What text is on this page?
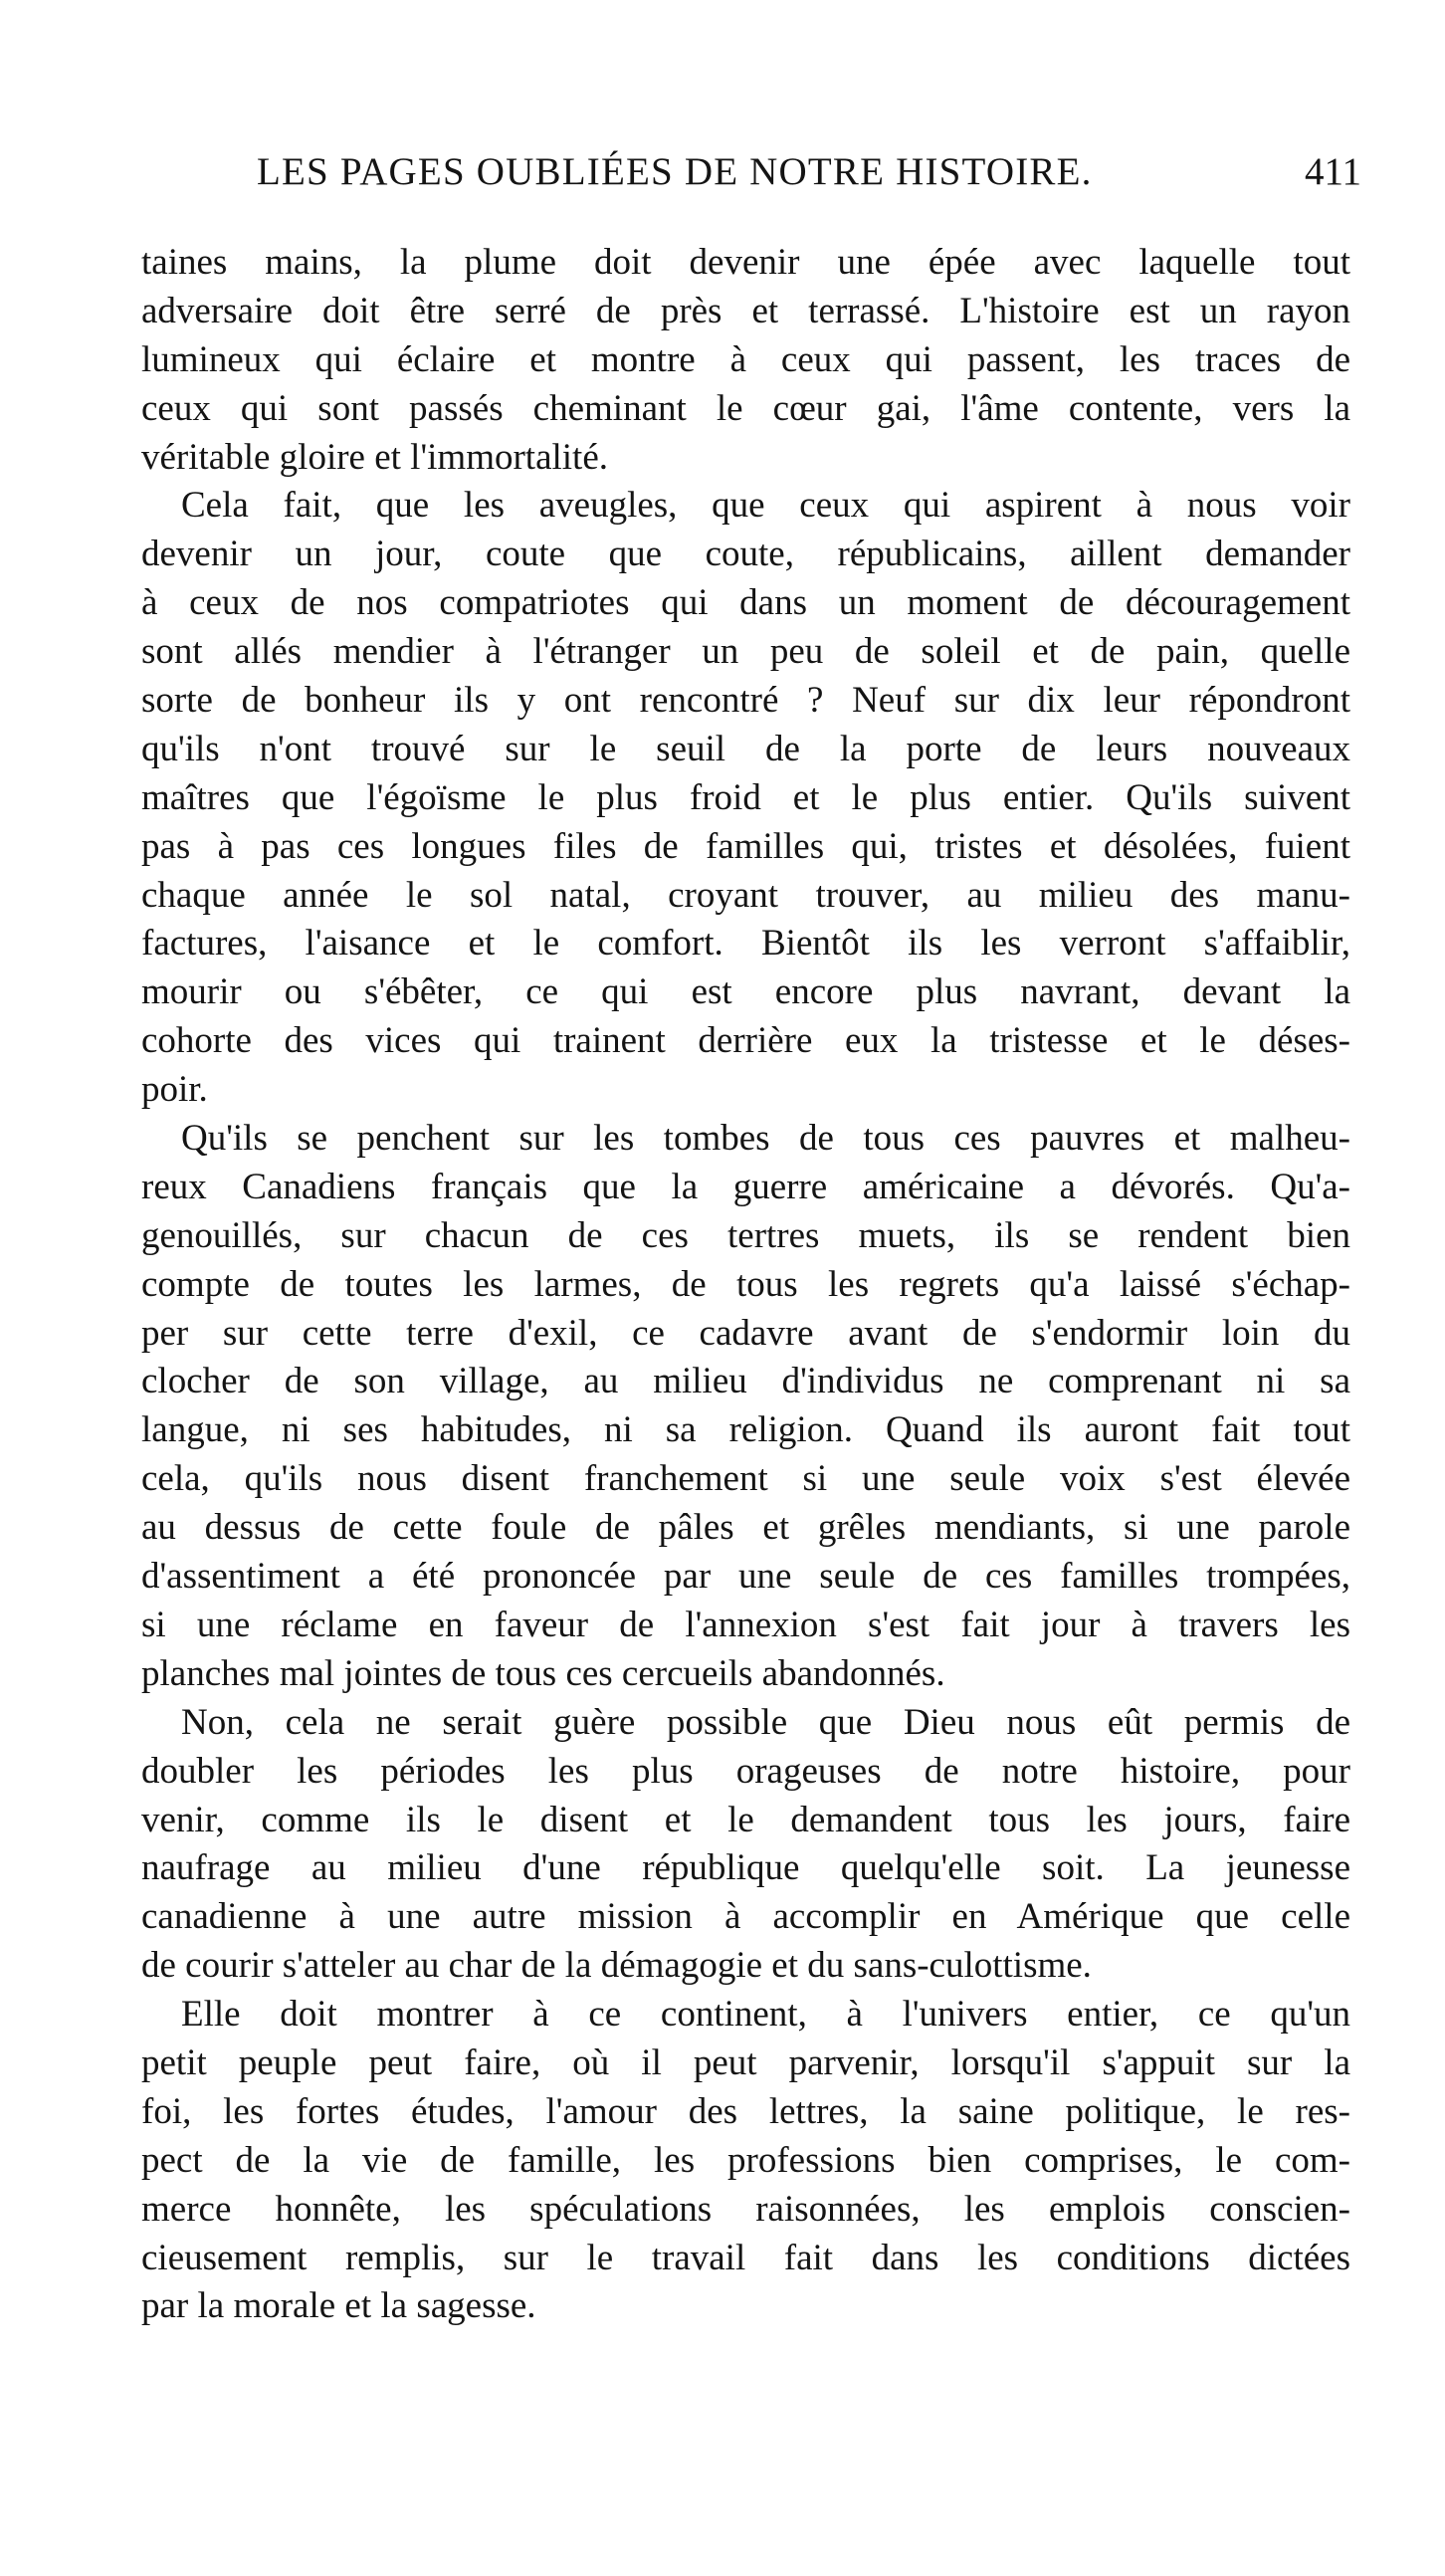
LES PAGES OUBLIÉES DE NOTRE HISTOIRE.	411
taines mains, la plume doit devenir une épée avec laquelle tout
adversaire doit être serré de près et terrassé. L'histoire est un rayon
lumineux qui éclaire et montre à ceux qui passent, les traces de
ceux qui sont passés cheminant le cœur gai, l'âme contente, vers la
véritable gloire et l'immortalité.
Cela fait, que les aveugles, que ceux qui aspirent à nous voir
devenir un jour, coute que coute, républicains, aillent demander
à ceux de nos compatriotes qui dans un moment de découragement
sont allés mendier à l'étranger un peu de soleil et de pain, quelle
sorte de bonheur ils y ont rencontré ? Neuf sur dix leur répondront
qu'ils n'ont trouvé sur le seuil de la porte de leurs nouveaux
maîtres que l'égoïsme le plus froid et le plus entier. Qu'ils suivent
pas à pas ces longues files de familles qui, tristes et désolées, fuient
chaque année le sol natal, croyant trouver, au milieu des manu-
factures, l'aisance et le comfort. Bientôt ils les verront s'affaiblir,
mourir ou s'ébêter, ce qui est encore plus navrant, devant la
cohorte des vices qui trainent derrière eux la tristesse et le déses-
poir.
Qu'ils se penchent sur les tombes de tous ces pauvres et malheu-
reux Canadiens français que la guerre américaine a dévorés. Qu'a-
genouillés, sur chacun de ces tertres muets, ils se rendent bien
compte de toutes les larmes, de tous les regrets qu'a laissé s'échap-
per sur cette terre d'exil, ce cadavre avant de s'endormir loin du
clocher de son village, au milieu d'individus ne comprenant ni sa
langue, ni ses habitudes, ni sa religion. Quand ils auront fait tout
cela, qu'ils nous disent franchement si une seule voix s'est élevée
au dessus de cette foule de pâles et grêles mendiants, si une parole
d'assentiment a été prononcée par une seule de ces familles trompées,
si une réclame en faveur de l'annexion s'est fait jour à travers les
planches mal jointes de tous ces cercueils abandonnés.
Non, cela ne serait guère possible que Dieu nous eût permis de
doubler les périodes les plus orageuses de notre histoire, pour
venir, comme ils le disent et le demandent tous les jours, faire
naufrage au milieu d'une république quelqu'elle soit. La jeunesse
canadienne à une autre mission à accomplir en Amérique que celle
de courir s'atteler au char de la démagogie et du sans-culottisme.
Elle doit montrer à ce continent, à l'univers entier, ce qu'un
petit peuple peut faire, où il peut parvenir, lorsqu'il s'appuit sur la
foi, les fortes études, l'amour des lettres, la saine politique, le res-
pect de la vie de famille, les professions bien comprises, le com-
merce honnête, les spéculations raisonnées, les emplois conscien-
cieusement remplis, sur le travail fait dans les conditions dictées
par la morale et la sagesse.
